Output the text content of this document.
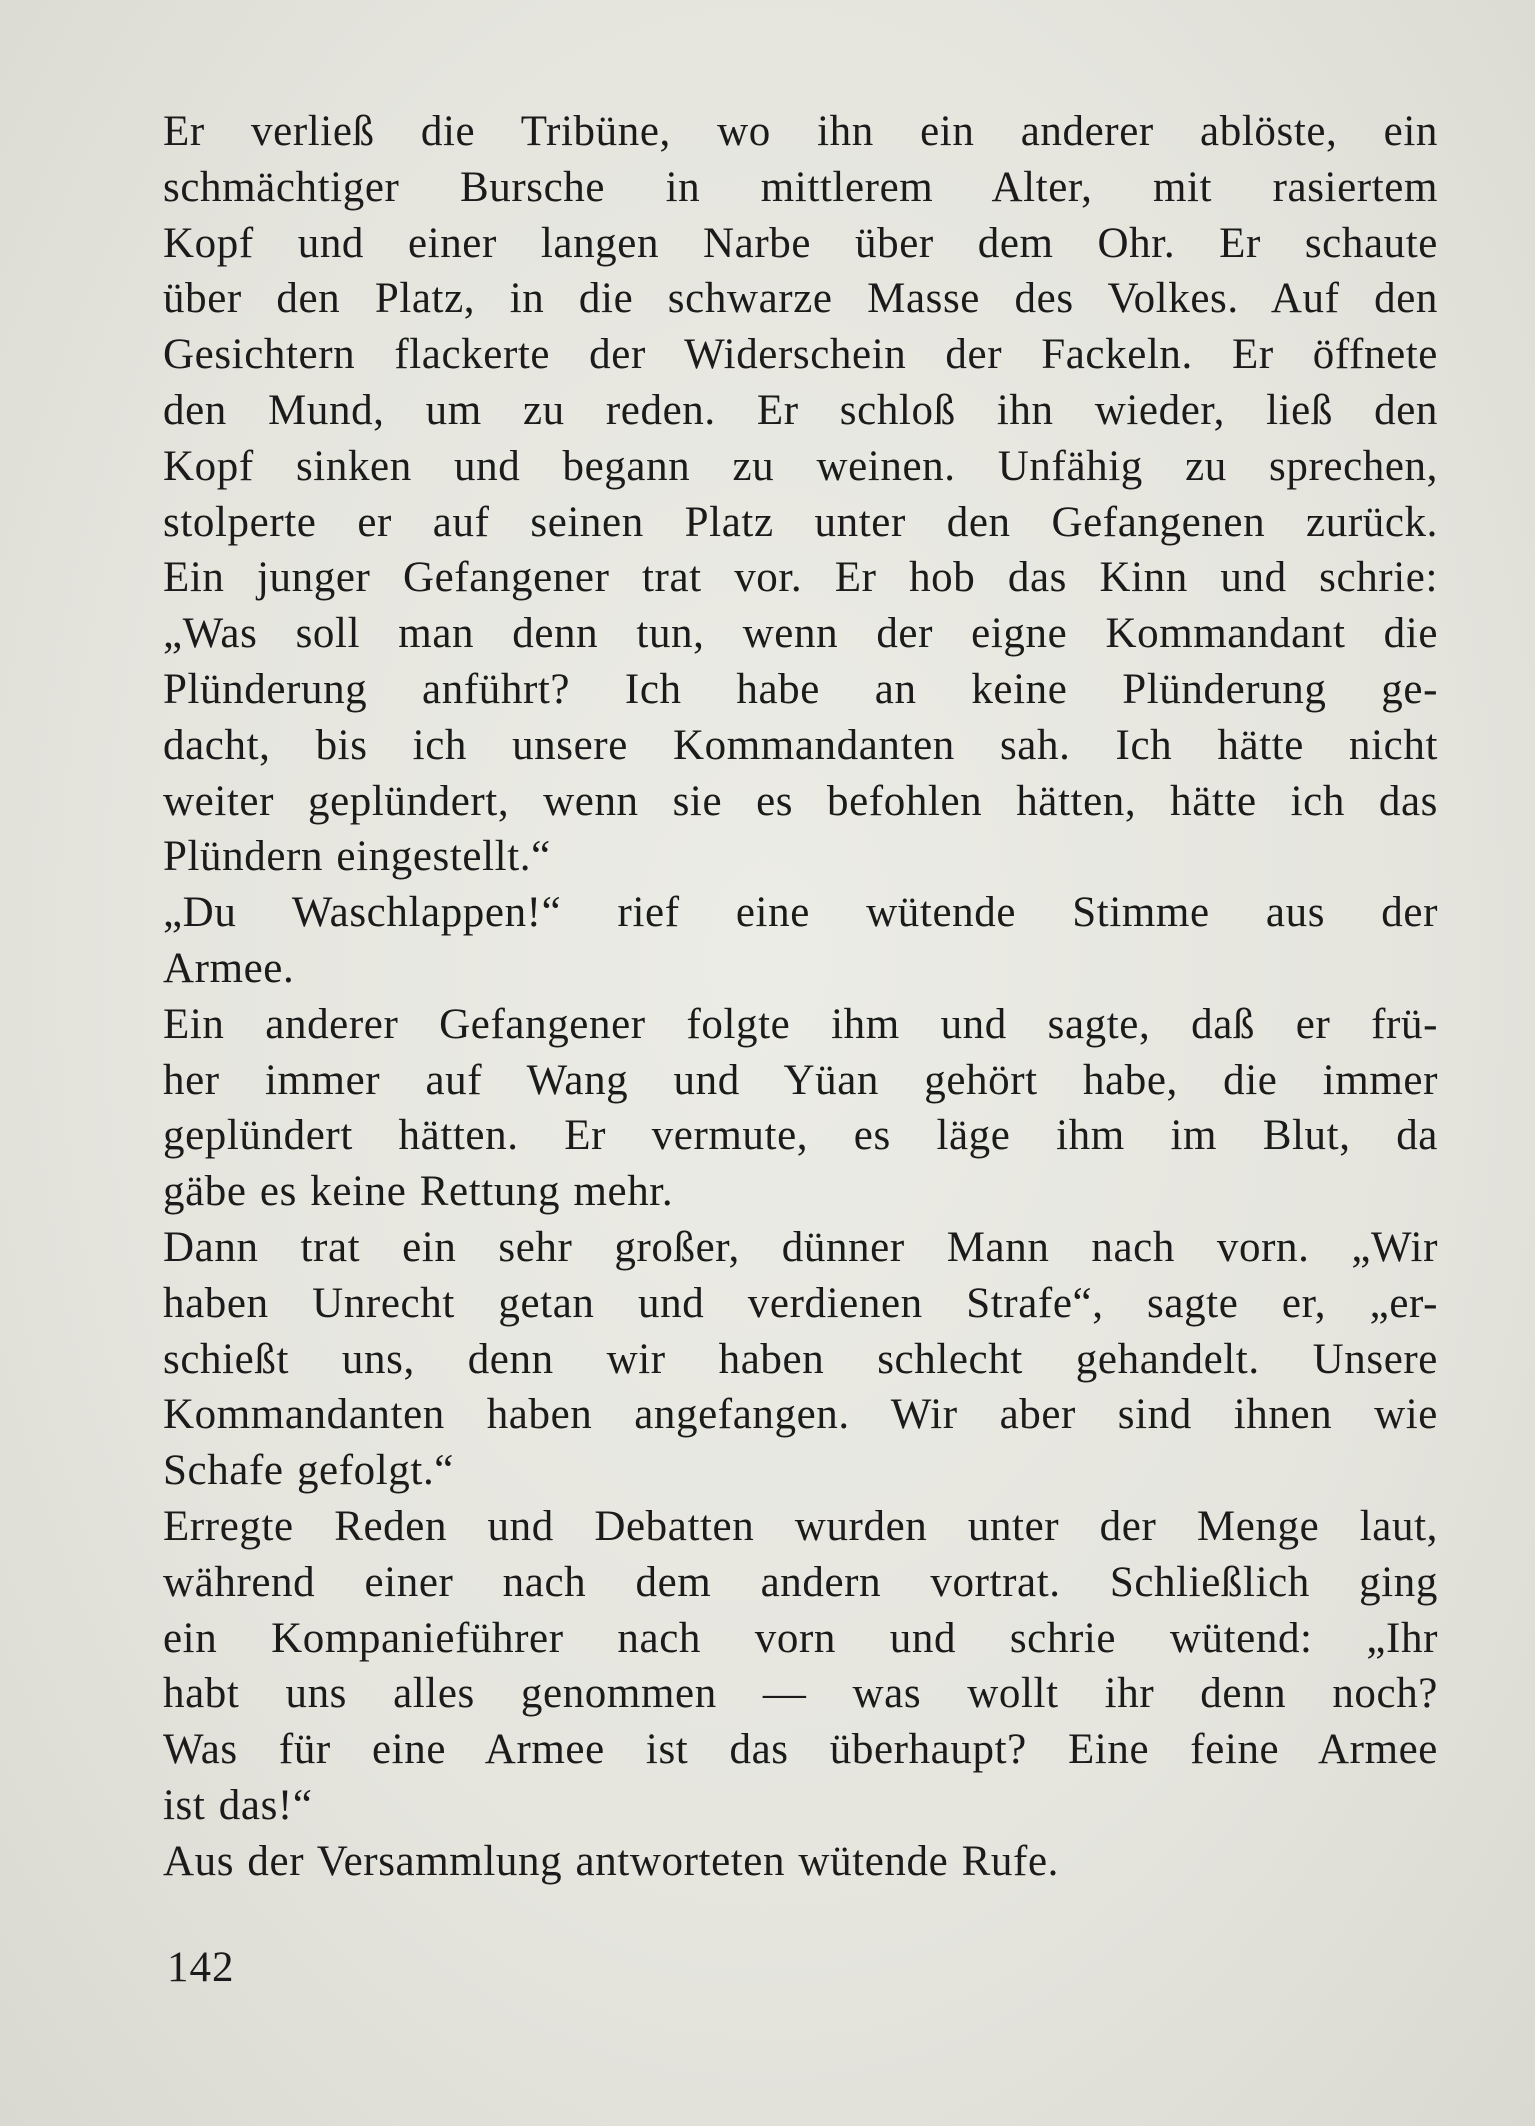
Er verließ die Tribüne, wo ihn ein anderer ablöste, ein
schmächtiger Bursche in mittlerem Alter, mit rasiertem
Kopf und einer langen Narbe über dem Ohr. Er schaute
über den Platz, in die schwarze Masse des Volkes. Auf den
Gesichtern flackerte der Widerschein der Fackeln. Er öffnete
den Mund, um zu reden. Er schloß ihn wieder, ließ den
Kopf sinken und begann zu weinen. Unfähig zu sprechen,
stolperte er auf seinen Platz unter den Gefangenen zurück.
Ein junger Gefangener trat vor. Er hob das Kinn und schrie:
„Was soll man denn tun, wenn der eigne Kommandant die
Plünderung anführt? Ich habe an keine Plünderung ge-
dacht, bis ich unsere Kommandanten sah. Ich hätte nicht
weiter geplündert, wenn sie es befohlen hätten, hätte ich das
Plündern eingestellt.“
„Du Waschlappen!“ rief eine wütende Stimme aus der
Armee.
Ein anderer Gefangener folgte ihm und sagte, daß er frü-
her immer auf Wang und Yüan gehört habe, die immer
geplündert hätten. Er vermute, es läge ihm im Blut, da
gäbe es keine Rettung mehr.
Dann trat ein sehr großer, dünner Mann nach vorn. „Wir
haben Unrecht getan und verdienen Strafe“, sagte er, „er-
schießt uns, denn wir haben schlecht gehandelt. Unsere
Kommandanten haben angefangen. Wir aber sind ihnen wie
Schafe gefolgt.“
Erregte Reden und Debatten wurden unter der Menge laut,
während einer nach dem andern vortrat. Schließlich ging
ein Kompanieführer nach vorn und schrie wütend: „Ihr
habt uns alles genommen — was wollt ihr denn noch?
Was für eine Armee ist das überhaupt? Eine feine Armee
ist das!“
Aus der Versammlung antworteten wütende Rufe.
142
